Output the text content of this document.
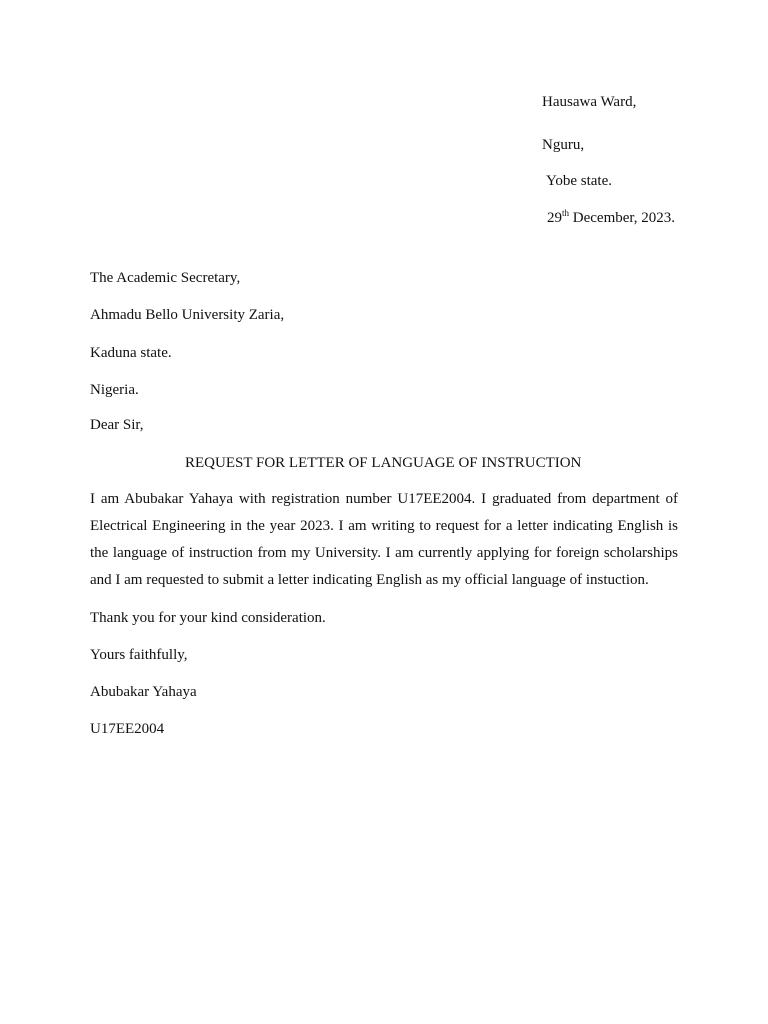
Hausawa Ward,
Nguru,
Yobe state.
29th December, 2023.
The Academic Secretary,
Ahmadu Bello University Zaria,
Kaduna state.
Nigeria.
Dear Sir,
REQUEST FOR LETTER OF LANGUAGE OF INSTRUCTION
I am Abubakar Yahaya with registration number U17EE2004. I graduated from department of
Electrical Engineering in the year 2023. I am writing to request for a letter indicating English is
the language of instruction from my University. I am currently applying for foreign scholarships
and I am requested to submit a letter indicating English as my official language of instuction.
Thank you for your kind consideration.
Yours faithfully,
Abubakar Yahaya
U17EE2004
